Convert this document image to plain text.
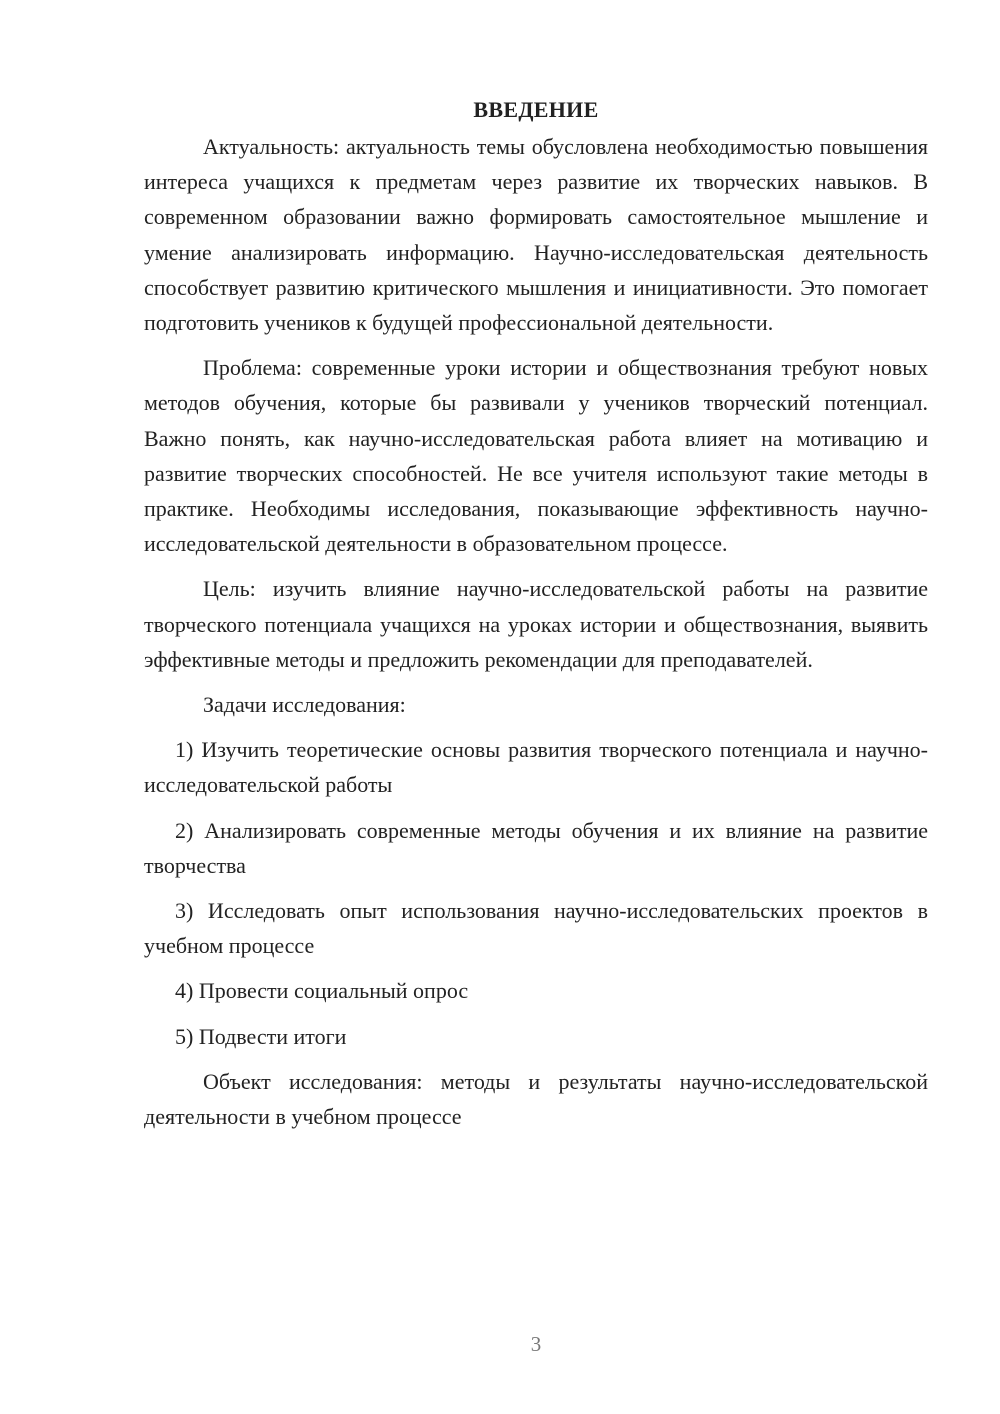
ВВЕДЕНИЕ

Актуальность: актуальность темы обусловлена необходимостью повышения интереса учащихся к предметам через развитие их творческих навыков. В современном образовании важно формировать самостоятельное мышление и умение анализировать информацию. Научно-исследовательская деятельность способствует развитию критического мышления и инициативности. Это помогает подготовить учеников к будущей профессиональной деятельности.

Проблема: современные уроки истории и обществознания требуют новых методов обучения, которые бы развивали у учеников творческий потенциал. Важно понять, как научно-исследовательская работа влияет на мотивацию и развитие творческих способностей. Не все учителя используют такие методы в практике. Необходимы исследования, показывающие эффективность научно-исследовательской деятельности в образовательном процессе.

Цель: изучить влияние научно-исследовательской работы на развитие творческого потенциала учащихся на уроках истории и обществознания, выявить эффективные методы и предложить рекомендации для преподавателей.

Задачи исследования:

1) Изучить теоретические основы развития творческого потенциала и научно-исследовательской работы

2) Анализировать современные методы обучения и их влияние на развитие творчества

3) Исследовать опыт использования научно-исследовательских проектов в учебном процессе

4) Провести социальный опрос

5) Подвести итоги

Объект исследования: методы и результаты научно-исследовательской деятельности в учебном процессе

3
